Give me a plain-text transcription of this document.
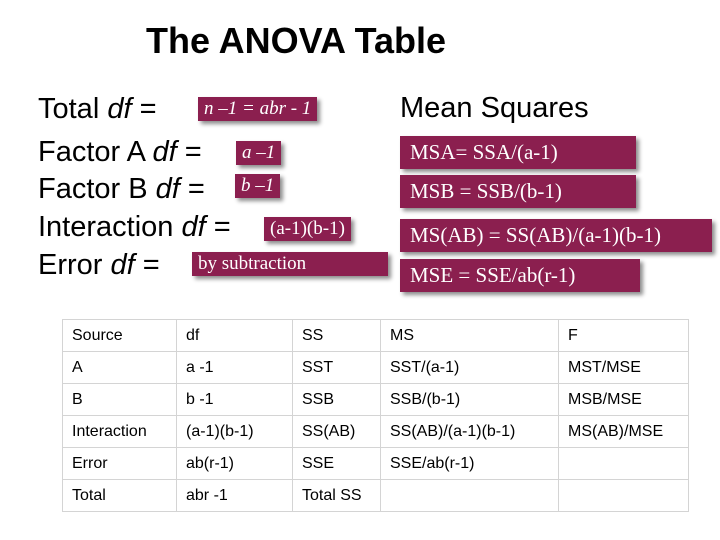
The ANOVA Table
Total df =	n –1 = abr - 1
Factor A df =	a –1
Factor B df =	b –1
Interaction df =	(a-1)(b-1)
Error df =	by subtraction
Mean Squares
MSA= SSA/(a-1)
MSB = SSB/(b-1)
MS(AB) = SS(AB)/(a-1)(b-1)
MSE = SSE/ab(r-1)
Source	df	SS	MS	F
A	a -1	SST	SST/(a-1)	MST/MSE
B	b -1	SSB	SSB/(b-1)	MSB/MSE
Interaction	(a-1)(b-1)	SS(AB)	SS(AB)/(a-1)(b-1)	MS(AB)/MSE
Error	ab(r-1)	SSE	SSE/ab(r-1)	
Total	abr -1	Total SS		
